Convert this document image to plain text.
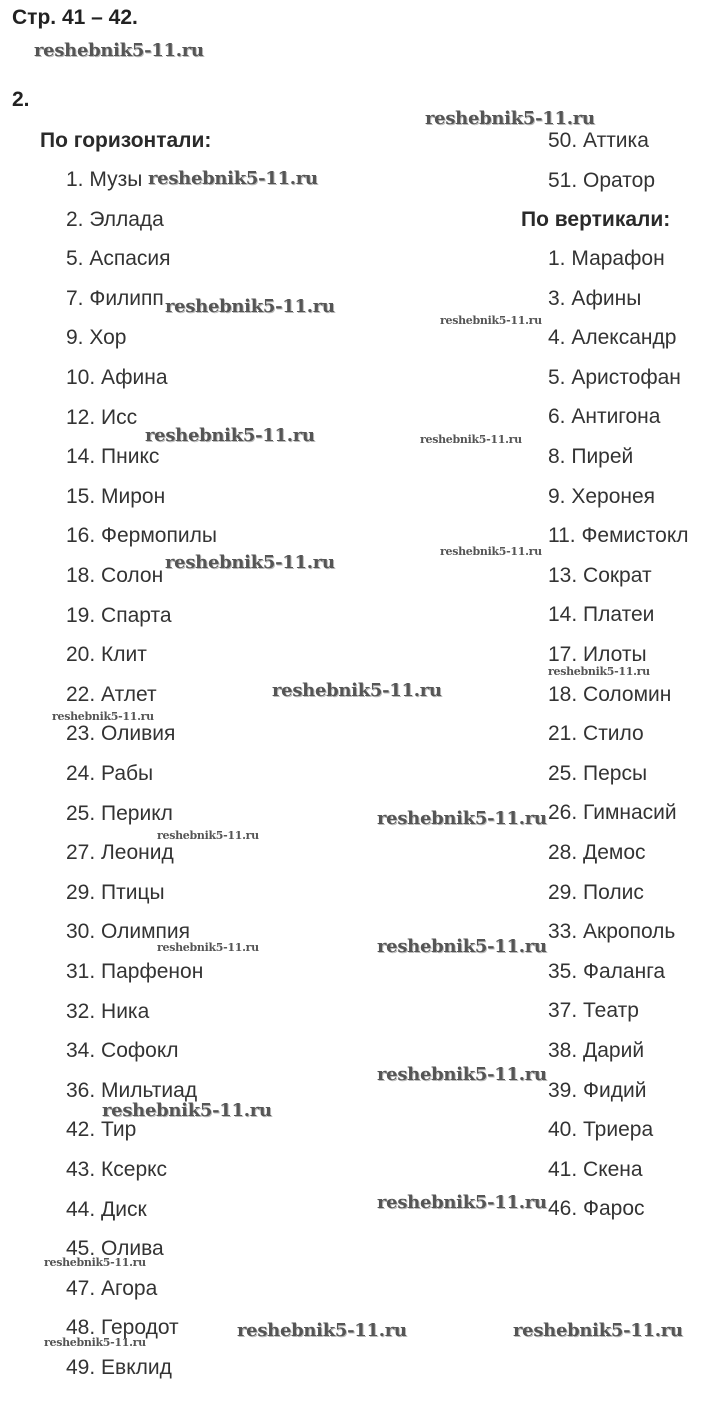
Стр. 41 – 42.
2.
По горизонтали:
По вертикали:
1. Музы
2. Эллада
5. Аспасия
7. Филипп
9. Хор
10. Афина
12. Исс
14. Пникс
15. Мирон
16. Фермопилы
18. Солон
19. Спарта
20. Клит
22. Атлет
23. Оливия
24. Рабы
25. Перикл
27. Леонид
29. Птицы
30. Олимпия
31. Парфенон
32. Ника
34. Софокл
36. Мильтиад
42. Тир
43. Ксеркс
44. Диск
45. Олива
47. Агора
48. Геродот
49. Евклид
50. Аттика
51. Оратор
1. Марафон
3. Афины
4. Александр
5. Аристофан
6. Антигона
8. Пирей
9. Херонея
11. Фемистокл
13. Сократ
14. Платеи
17. Илоты
18. Соломин
21. Стило
25. Персы
26. Гимнасий
28. Демос
29. Полис
33. Акрополь
35. Фаланга
37. Театр
38. Дарий
39. Фидий
40. Триера
41. Скена
46. Фарос
reshebnik5-11.ru
reshebnik5-11.ru
reshebnik5-11.ru
reshebnik5-11.ru
reshebnik5-11.ru
reshebnik5-11.ru	reshebnik5-11.ru
reshebnik5-11.ru
reshebnik5-11.ru
reshebnik5-11.ru
reshebnik5-11.ru
reshebnik5-11.ru
reshebnik5-11.ru
reshebnik5-11.ru
reshebnik5-11.ru	reshebnik5-11.ru
reshebnik5-11.ru
reshebnik5-11.ru
reshebnik5-11.ru
reshebnik5-11.ru
reshebnik5-11.ru	reshebnik5-11.ru
reshebnik5-11.ru
